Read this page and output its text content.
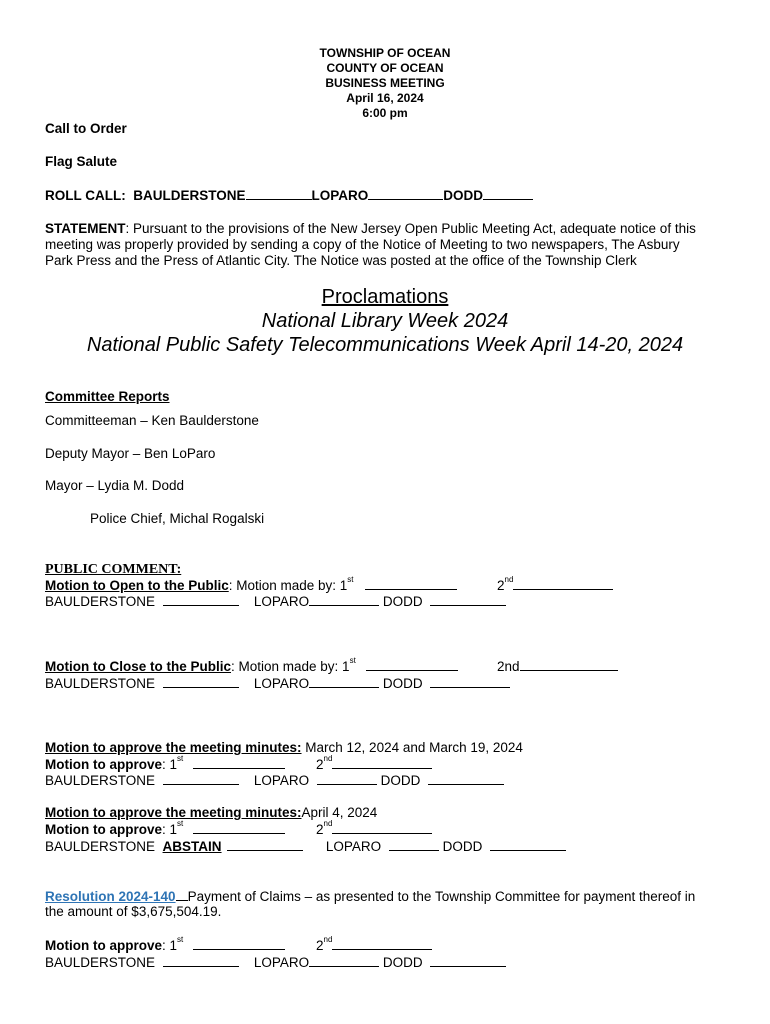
TOWNSHIP OF OCEAN
COUNTY OF OCEAN
BUSINESS MEETING
April 16, 2024
6:00 pm
Call to Order
Flag Salute
ROLL CALL: BAULDERSTONE	LOPARO	DODD
STATEMENT: Pursuant to the provisions of the New Jersey Open Public Meeting Act, adequate notice of this
meeting was properly provided by sending a copy of the Notice of Meeting to two newspapers, The Asbury
Park Press and the Press of Atlantic City. The Notice was posted at the office of the Township Clerk
Proclamations
National Library Week 2024
National Public Safety Telecommunications Week April 14-20, 2024
Committee Reports
Committeeman – Ken Baulderstone
Deputy Mayor – Ben LoParo
Mayor – Lydia M. Dodd
Police Chief, Michal Rogalski
PUBLIC COMMENT:
Motion to Open to the Public: Motion made by: 1st	2nd
BAULDERSTONE	LOPARO	DODD
Motion to Close to the Public: Motion made by: 1st	2nd
BAULDERSTONE	LOPARO	DODD
Motion to approve the meeting minutes: March 12, 2024 and March 19, 2024
Motion to approve: 1st	2nd
BAULDERSTONE	LOPARO	DODD
Motion to approve the meeting minutes:April 4, 2024
Motion to approve: 1st	2nd
BAULDERSTONE ABSTAIN	LOPARO	DODD
Resolution 2024-140 Payment of Claims – as presented to the Township Committee for payment thereof in
the amount of $3,675,504.19.
Motion to approve: 1st	2nd
BAULDERSTONE	LOPARO	DODD
